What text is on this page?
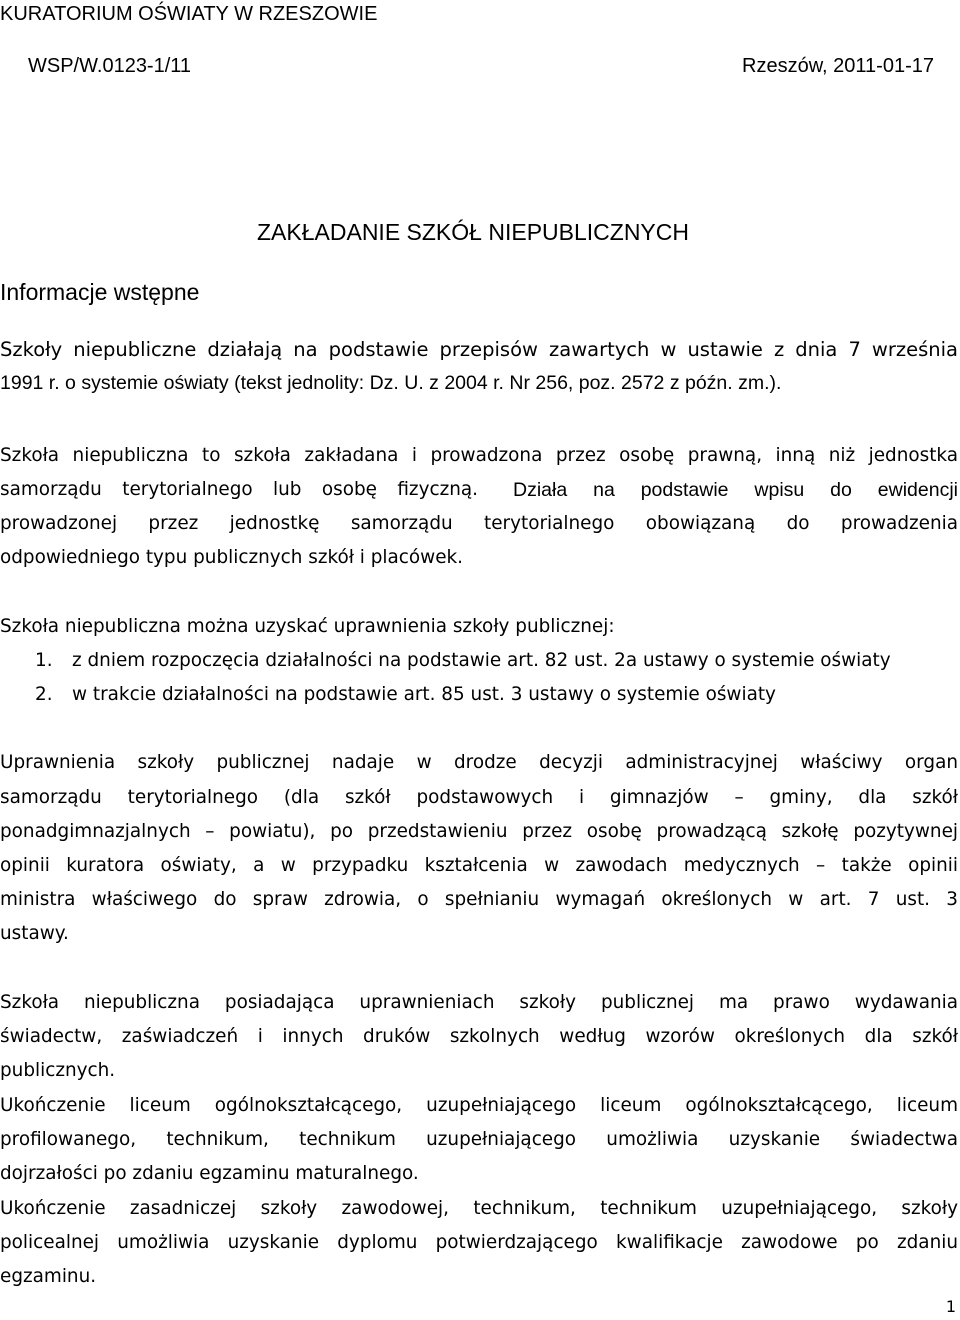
KURATORIUM OŚWIATY W RZESZOWIE
WSP/W.0123-1/11	Rzeszów, 2011-01-17
ZAKŁADANIE SZKÓŁ NIEPUBLICZNYCH
Informacje wstępne
Szkoły niepubliczne działają na podstawie przepisów zawartych w ustawie z dnia 7 września
1991 r. o systemie oświaty (tekst jednolity: Dz. U. z 2004 r. Nr 256, poz. 2572 z późn. zm.).
Szkoła niepubliczna to szkoła zakładana i prowadzona przez osobę prawną, inną niż jednostka
samorządu terytorialnego lub osobę fizyczną. Działa na podstawie wpisu do ewidencji
prowadzonej przez jednostkę samorządu terytorialnego obowiązaną do prowadzenia
odpowiedniego typu publicznych szkół i placówek.
Szkoła niepubliczna można uzyskać uprawnienia szkoły publicznej:
1. z dniem rozpoczęcia działalności na podstawie art. 82 ust. 2a ustawy o systemie oświaty
2. w trakcie działalności na podstawie art. 85 ust. 3 ustawy o systemie oświaty
Uprawnienia szkoły publicznej nadaje w drodze decyzji administracyjnej właściwy organ
samorządu terytorialnego (dla szkół podstawowych i gimnazjów – gminy, dla szkół
ponadgimnazjalnych – powiatu), po przedstawieniu przez osobę prowadzącą szkołę pozytywnej
opinii kuratora oświaty, a w przypadku kształcenia w zawodach medycznych – także opinii
ministra właściwego do spraw zdrowia, o spełnianiu wymagań określonych w art. 7 ust. 3
ustawy.
Szkoła niepubliczna posiadająca uprawnieniach szkoły publicznej ma prawo wydawania
świadectw, zaświadczeń i innych druków szkolnych według wzorów określonych dla szkół
publicznych.
Ukończenie liceum ogólnokształcącego, uzupełniającego liceum ogólnokształcącego, liceum
profilowanego, technikum, technikum uzupełniającego umożliwia uzyskanie świadectwa
dojrzałości po zdaniu egzaminu maturalnego.
Ukończenie zasadniczej szkoły zawodowej, technikum, technikum uzupełniającego, szkoły
policealnej umożliwia uzyskanie dyplomu potwierdzającego kwalifikacje zawodowe po zdaniu
egzaminu.
1
